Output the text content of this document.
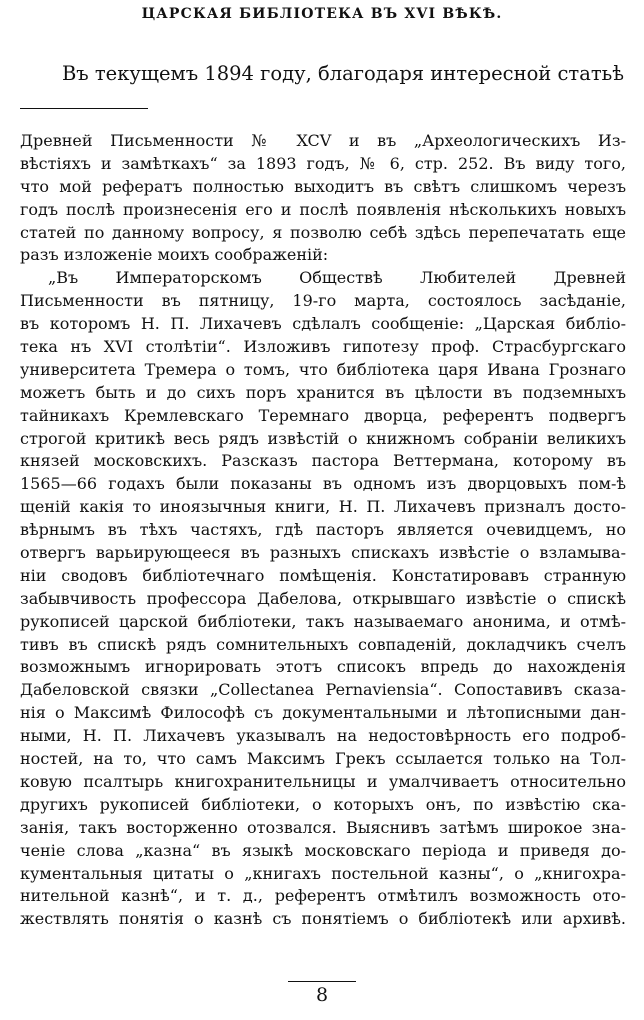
ЦАРСКАЯ БИБЛIОТЕКА ВЪ XVI ВѢКѢ.
Въ текущемъ 1894 году, благодаря интересной статьѣ
Древней Письменности № XCV и въ „Археологическихъ Из-
вѣстiяхъ и замѣткахъ“ за 1893 годъ, № 6, стр. 252. Въ виду того,
что мой рефератъ полностью выходитъ въ свѣтъ слишкомъ черезъ
годъ послѣ произнесенiя его и послѣ появленiя нѣсколькихъ новыхъ
статей по данному вопросу, я позволю себѣ здѣсь перепечатать еще
разъ изложенiе моихъ соображенiй:
„Въ Императорскомъ Обществѣ Любителей Древней
Письменности въ пятницу, 19-го марта, состоялось засѣданiе,
въ которомъ Н. П. Лихачевъ сдѣлалъ сообщенiе: „Царская библio-
тека нъ XVI столѣтiи“. Изложивъ гипотезу проф. Страсбургскаго
университета Тремера о томъ, что библiотека царя Ивана Грознаго
можетъ быть и до сихъ поръ хранится въ цѣлости въ подземныхъ
тайникахъ Кремлевскаго Теремнаго дворца, референтъ подвергъ
строгой критикѣ весь рядъ извѣстiй о книжномъ собранiи великихъ
князей московскихъ. Разсказъ пастора Веттермана, которому въ
1565—66 годахъ были показаны въ одномъ изъ дворцовыхъ пом-ѣ
щенiй какiя то иноязычныя книги, Н. П. Лихачевъ призналъ досто-
вѣрнымъ въ тѣхъ частяхъ, гдѣ пасторъ является очевидцемъ, но
отвергъ варьирующееся въ разныхъ спискахъ извѣстiе о взламыва-
нiи сводовъ библiотечнаго помѣщенiя. Констатировавъ странную
забывчивость профессора Дабелова, открывшаго извѣстiе о спискѣ
рукописей царской библiотеки, такъ называемаго анонима, и отмѣ-
тивъ въ спискѣ рядъ сомнительныхъ совпаденiй, докладчикъ счелъ
возможнымъ игнорировать этотъ списокъ впредь до нахожденiя
Дабеловской связки „Collectanea Pernaviensia“. Сопоставивъ сказа-
нiя о Максимѣ Философѣ съ документальными и лѣтописными дан-
ными, Н. П. Лихачевъ указывалъ на недостовѣрность его подроб-
ностей, на то, что самъ Максимъ Грекъ ссылается только на Тол-
ковую псалтырь книгохранительницы и умалчиваетъ относительно
другихъ рукописей библiотеки, о которыхъ онъ, по извѣстiю ска-
занiя, такъ восторженно отозвался. Выяснивъ затѣмъ широкое зна-
ченiе слова „казна“ въ языкѣ московскаго перiода и приведя до-
кументальныя цитаты о „книгахъ постельной казны“, о „книгохра-
нительной казнѣ“, и т. д., референтъ отмѣтилъ возможность ото-
жествлять понятiя о казнѣ съ понятiемъ о библiотекѣ или архивѣ.
8
